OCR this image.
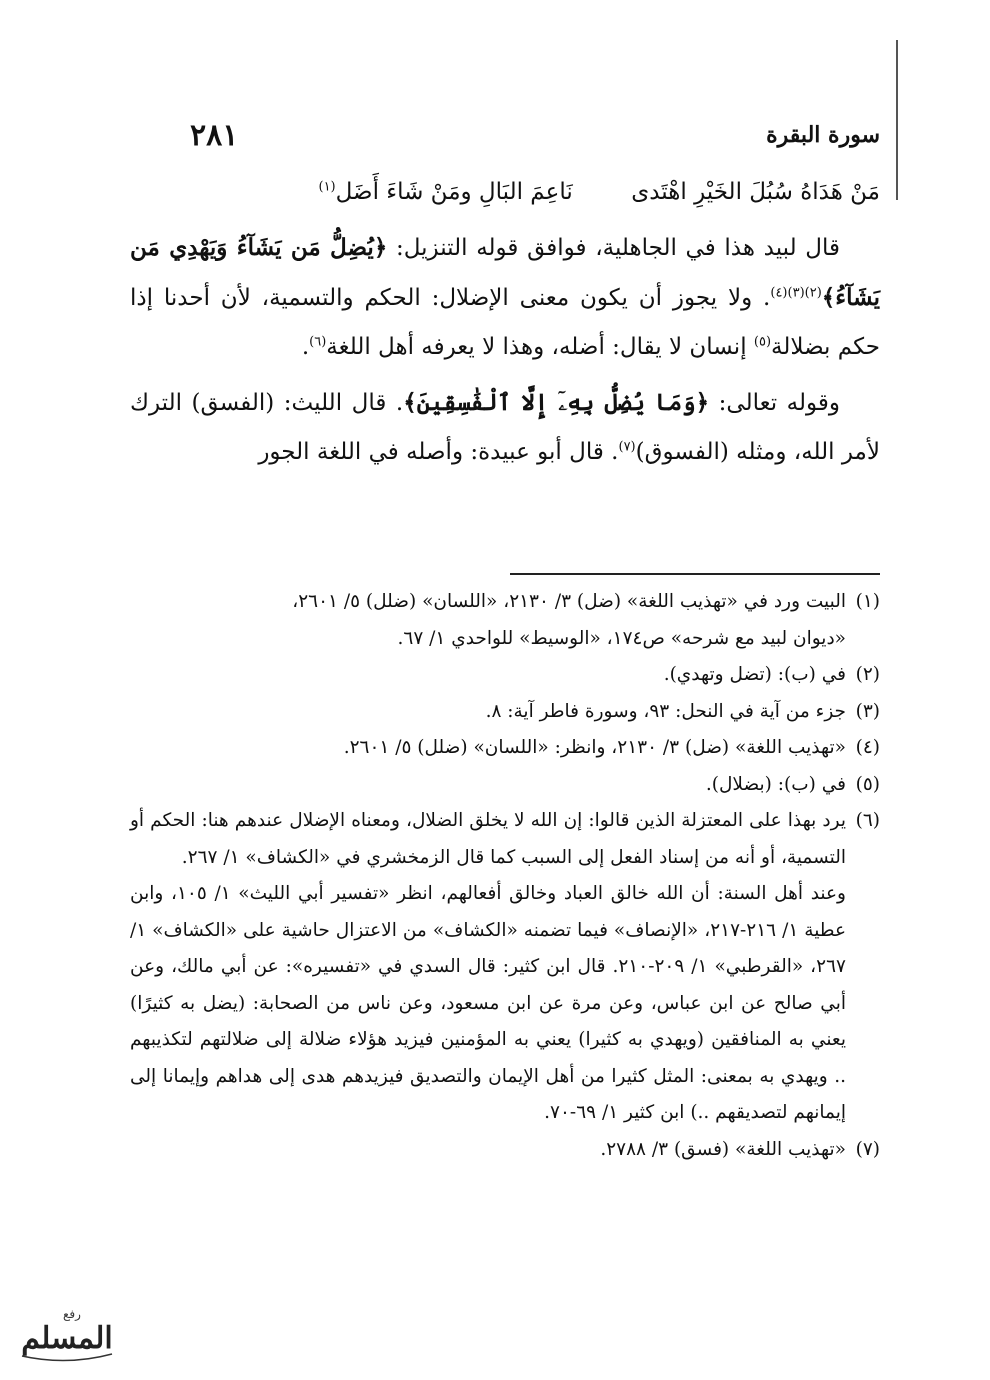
سورة البقرة
٢٨١

مَنْ هَدَاهُ سُبُلَ الخَيْرِ اهْتَدى        نَاعِمَ البَالِ ومَنْ شَاءَ أَضَل$^{(١)}$

قال لبيد هذا في الجاهلية، فوافق قوله التنزيل: ﴿يُضِلُّ مَن يَشَآءُ وَيَهْدِي مَن يَشَآءُ﴾$^{(٢)(٣)(٤)}$. ولا يجوز أن يكون معنى الإضلال: الحكم والتسمية، لأن أحدنا إذا حكم بضلالة$^{(٥)}$ إنسان لا يقال: أضله، وهذا لا يعرفه أهل اللغة$^{(٦)}$.

وقوله تعالى: ﴿وَمَا يُضِلُّ بِهِۦٓ إِلَّا ٱلْفَٰسِقِينَ﴾. قال الليث: (الفسق) الترك لأمر الله، ومثله (الفسوق)$^{(٧)}$. قال أبو عبيدة: وأصله في اللغة الجور

(١)البيت ورد في «تهذيب اللغة» (ضل) ٣/ ٢١٣٠، «اللسان» (ضلل) ٥/ ٢٦٠١،
«ديوان لبيد مع شرحه» ص١٧٤، «الوسيط» للواحدي ١/ ٦٧.

(٢)في (ب): (تضل وتهدي).

(٣)جزء من آية في النحل: ٩٣، وسورة فاطر آية: ٨.

(٤)«تهذيب اللغة» (ضل) ٣/ ٢١٣٠، وانظر: «اللسان» (ضلل) ٥/ ٢٦٠١.

(٥)في (ب): (بضلال).

(٦)يرد بهذا على المعتزلة الذين قالوا: إن الله لا يخلق الضلال، ومعناه الإضلال عندهم هنا: الحكم أو التسمية، أو أنه من إسناد الفعل إلى السبب كما قال الزمخشري في «الكشاف» ١/ ٢٦٧.

وعند أهل السنة: أن الله خالق العباد وخالق أفعالهم، انظر «تفسير أبي الليث» ١/ ١٠٥، وابن عطية ١/ ٢١٦-٢١٧، «الإنصاف» فيما تضمنه «الكشاف» من الاعتزال حاشية على «الكشاف» ١/ ٢٦٧، «القرطبي» ١/ ٢٠٩-٢١٠. قال ابن كثير: قال السدي في «تفسيره»: عن أبي مالك، وعن أبي صالح عن ابن عباس، وعن مرة عن ابن مسعود، وعن ناس من الصحابة: (يضل به كثيرًا) يعني به المنافقين (ويهدي به كثيرا) يعني به المؤمنين فيزيد هؤلاء ضلالة إلى ضلالتهم لتكذيبهم .. ويهدي به بمعنى: المثل كثيرا من أهل الإيمان والتصديق فيزيدهم هدى إلى هداهم وإيمانا إلى إيمانهم لتصديقهم ..) ابن كثير ١/ ٦٩-٧٠.

(٧)«تهذيب اللغة» (فسق) ٣/ ٢٧٨٨.

رفع
المسلم
